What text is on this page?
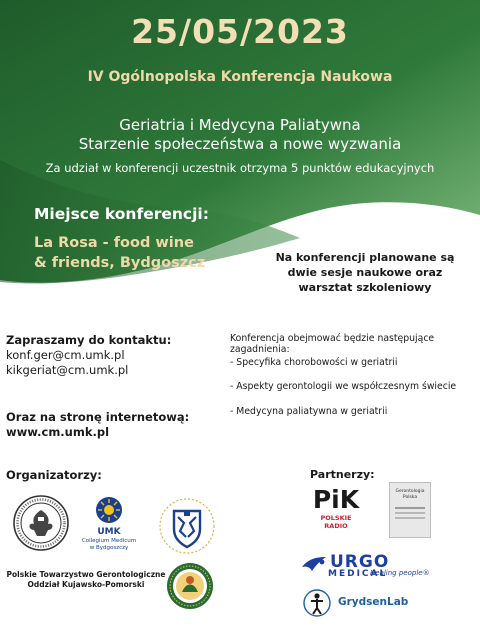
25/05/2023
IV Ogólnopolska Konferencja Naukowa
Geriatria i Medycyna Paliatywna
Starzenie społeczeństwa a nowe wyzwania
Za udział w konferencji uczestnik otrzyma 5 punktów edukacyjnych
Miejsce konferencji:
La Rosa - food wine
& friends, Bydgoszcz	Na konferencji planowane są
dwie sesje naukowe oraz
warsztat szkoleniowy
Zapraszamy do kontaktu:
konf.ger@cm.umk.pl
kikgeriat@cm.umk.pl
Oraz na stronę internetową:
www.cm.umk.pl
Konferencja obejmować będzie następujące zagadnienia:
- Specyfika chorobowości w geriatrii
- Aspekty gerontologii we współczesnym świecie
- Medycyna paliatywna w geriatrii
Organizatorzy:
UMK
Collegium Medicum
w Bydgoszczy
Polskie Towarzystwo Gerontologiczne
Oddział Kujawsko-Pomorski
Partnerzy:
PiK
POLSKIE RADIO
Gerontologia
Polska
URGO
MEDICAL
Healing people®
GrydsenLab
